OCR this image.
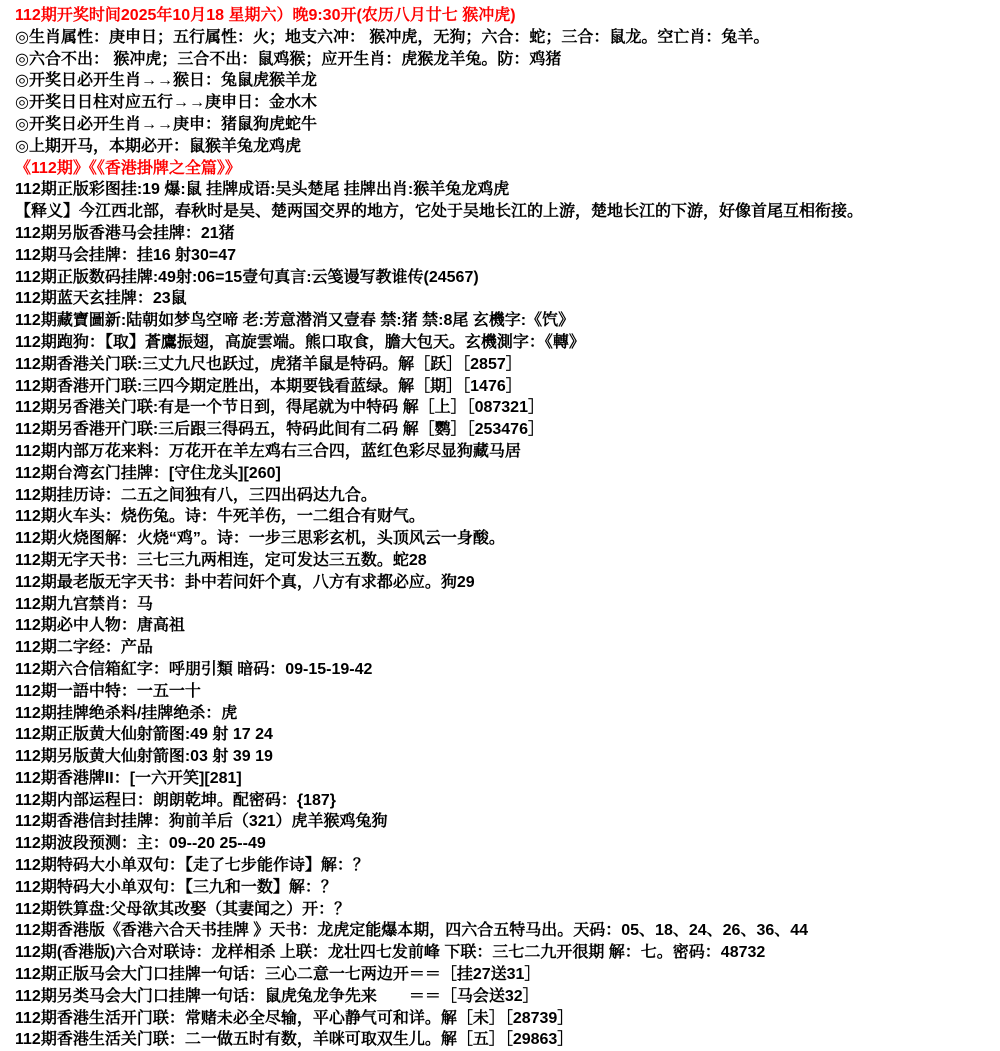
112期开奖时间2025年10月18 星期六）晚9:30开(农历八月廿七 猴冲虎)
◎生肖属性：庚申日；五行属性：火；地支六冲： 猴冲虎，无狗；六合：蛇；三合：鼠龙。空亡肖：兔羊。
◎六合不出： 猴冲虎；三合不出：鼠鸡猴；应开生肖：虎猴龙羊兔。防：鸡猪
◎开奖日必开生肖→→猴日：兔鼠虎猴羊龙
◎开奖日日柱对应五行→→庚申日：金水木
◎开奖日必开生肖→→庚申：猪鼠狗虎蛇牛
◎上期开马，本期必开：鼠猴羊兔龙鸡虎
《112期》《《香港掛牌之全篇》》
112期正版彩图挂:19 爆:鼠 挂牌成语:吴头楚尾 挂牌出肖:猴羊兔龙鸡虎
【释义】今江西北部，春秋时是吴、楚两国交界的地方，它处于吴地长江的上游，楚地长江的下游，好像首尾互相衔接。
112期另版香港马会挂牌：21猪
112期马会挂牌：挂16 射30=47
112期正版数码挂牌:49射:06=15壹句真言:云笺谩写教谁传(24567)
112期蓝天玄挂牌：23鼠
112期藏寶圖新:陆朝如梦鸟空啼 老:芳意潜消又壹春 禁:猪 禁:8尾 玄機字:《饩》
112期跑狗：【取】蒼鷹振翅，高旋雲端。熊口取食，膽大包天。玄機測字：《轉》
112期香港关门联:三丈九尺也跃过，虎猪羊鼠是特码。解［跃］［2857］
112期香港开门联:三四今期定胜出，本期要钱看蓝绿。解［期］［1476］
112期另香港关门联:有是一个节日到，得尾就为中特码 解［上］［087321］
112期另香港开门联:三后跟三得码五，特码此间有二码 解［鹦］［253476］
112期内部万花来料：万花开在羊左鸡右三合四，蓝红色彩尽显狗藏马居
112期台湾玄门挂牌：[守住龙头][260]
112期挂历诗：二五之间独有八，三四出码达九合。
112期火车头：烧伤兔。诗：牛死羊伤，一二组合有财气。
112期火烧图解：火烧“鸡”。诗：一步三思彩玄机，头顶风云一身酸。
112期无字天书：三七三九两相连，定可发达三五数。蛇28
112期最老版无字天书：卦中若问奸个真，八方有求都必应。狗29
112期九宫禁肖：马
112期必中人物：唐高祖
112期二字经：产品
112期六合信箱紅字：呼朋引類 暗码：09-15-19-42
112期一語中特：一五一十
112期挂牌绝杀料/挂牌绝杀：虎
112期正版黄大仙射箭图:49 射 17 24
112期另版黄大仙射箭图:03 射 39 19
112期香港牌II：[一六开笑][281]
112期内部运程曰：朗朗乾坤。配密码：{187}
112期香港信封挂牌：狗前羊后（321）虎羊猴鸡兔狗
112期波段预测：主：09--20 25--49
112期特码大小单双句：【走了七步能作诗】解：？
112期特码大小单双句：【三九和一数】解：？
112期铁算盘:父母欲其改娶（其妻闻之）开：？
112期香港版《香港六合天书挂牌 》天书：龙虎定能爆本期，四六合五特马出。天码：05、18、24、26、36、44
112期(香港版)六合对联诗：龙样相杀 上联：龙壮四七发前峰 下联：三七二九开很期 解：七。密码：48732
112期正版马会大门口挂牌一句话：三心二意一七两边开＝＝［挂27送31］
112期另类马会大门口挂牌一句话：鼠虎兔龙争先来　　＝＝［马会送32］
112期香港生活开门联：常赌未必全尽输，平心静气可和详。解［未］［28739］
112期香港生活关门联：二一做五时有数，羊咪可取双生儿。解［五］［29863］
